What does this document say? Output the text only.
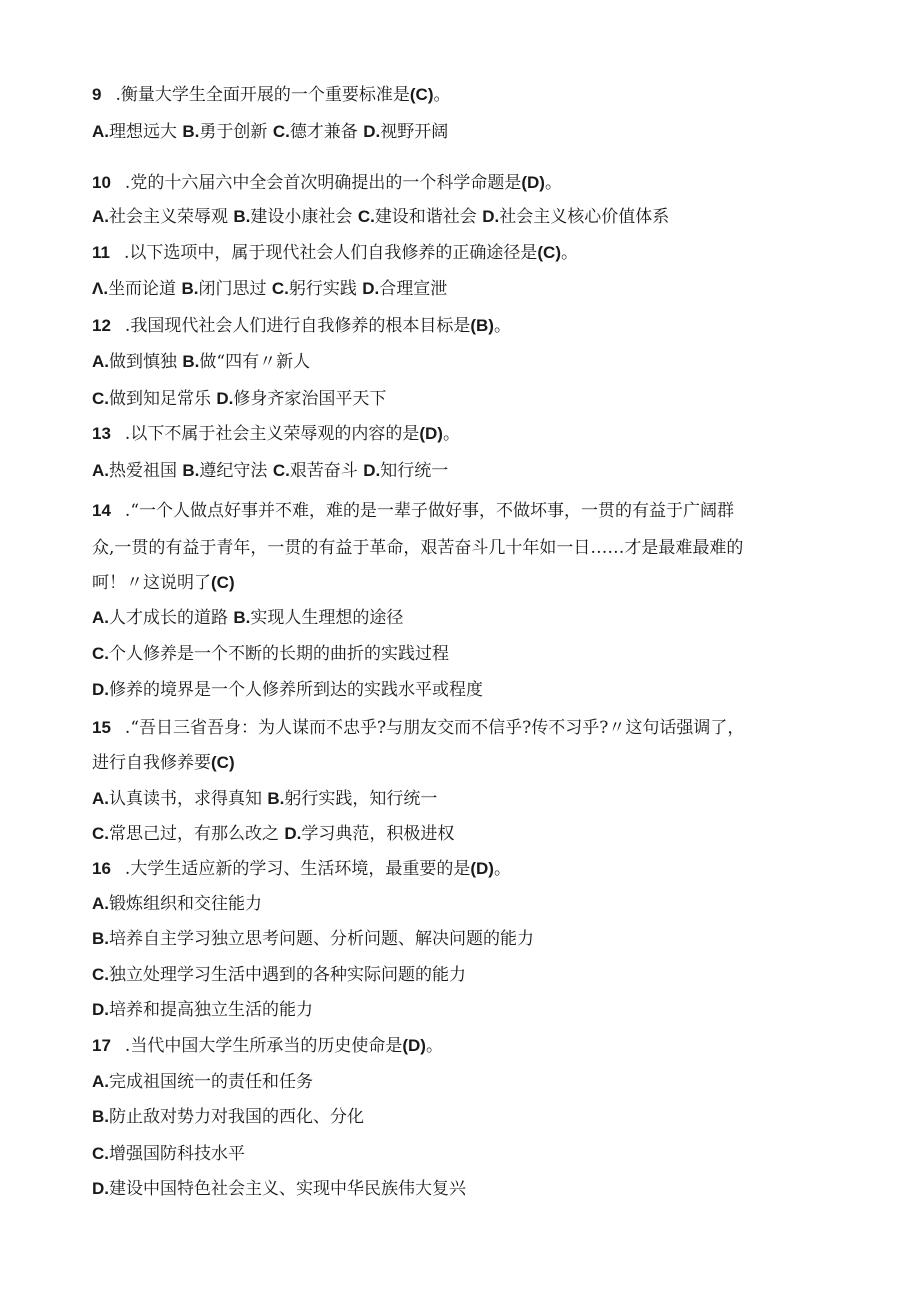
9 .衡量大学生全面开展的一个重要标准是(C)。
A.理想远大 B.勇于创新 C.德才兼备 D.视野开阔
10 .党的十六届六中全会首次明确提出的一个科学命题是(D)。
A.社会主义荣辱观 B.建设小康社会 C.建设和谐社会 D.社会主义核心价值体系
11 .以下选项中，属于现代社会人们自我修养的正确途径是(C)。
Λ.坐而论道 B.闭门思过 C.躬行实践 D.合理宣泄
12 .我国现代社会人们进行自我修养的根本目标是(B)。
A.做到慎独 B.做“四有〃新人
C.做到知足常乐 D.修身齐家治国平天下
13 .以下不属于社会主义荣辱观的内容的是(D)。
A.热爱祖国 B.遵纪守法 C.艰苦奋斗 D.知行统一
14 .“一个人做点好事并不难，难的是一辈子做好事，不做坏事，一贯的有益于广阔群
众,一贯的有益于青年，一贯的有益于革命，艰苦奋斗几十年如一日……才是最难最难的
呵！〃这说明了(C)
A.人才成长的道路 B.实现人生理想的途径
C.个人修养是一个不断的长期的曲折的实践过程
D.修养的境界是一个人修养所到达的实践水平或程度
15 .“吾日三省吾身：为人谋而不忠乎?与朋友交而不信乎?传不习乎?〃这句话强调了，
进行自我修养要(C)
A.认真读书，求得真知 B.躬行实践，知行统一
C.常思己过，有那么改之 D.学习典范，积极进权
16 .大学生适应新的学习、生活环境，最重要的是(D)。
A.锻炼组织和交往能力
B.培养自主学习独立思考问题、分析问题、解决问题的能力
C.独立处理学习生活中遇到的各种实际问题的能力
D.培养和提高独立生活的能力
17 .当代中国大学生所承当的历史使命是(D)。
A.完成祖国统一的责任和任务
B.防止敌对势力对我国的西化、分化
C.增强国防科技水平
D.建设中国特色社会主义、实现中华民族伟大复兴
